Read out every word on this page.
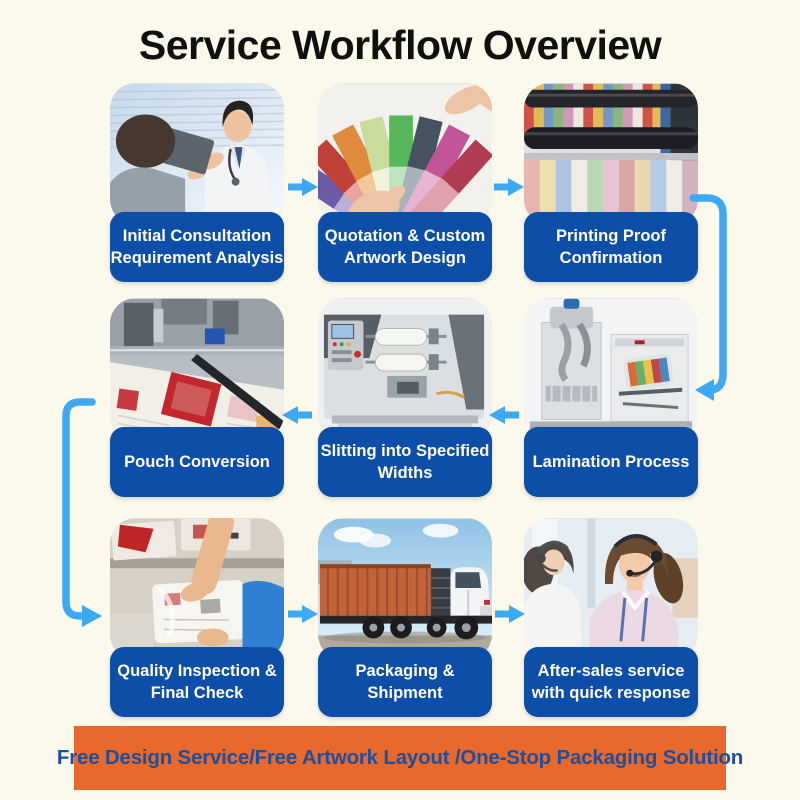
Service Workflow Overview
Initial Consultation
Requirement Analysis
Quotation & Custom
Artwork Design
Printing Proof
Confirmation
Pouch Conversion
Slitting into Specified
Widths
Lamination Process
Quality Inspection &
Final Check
Packaging &
Shipment
After-sales service
with quick response
Free Design Service/Free Artwork Layout /One-Stop Packaging Solution
